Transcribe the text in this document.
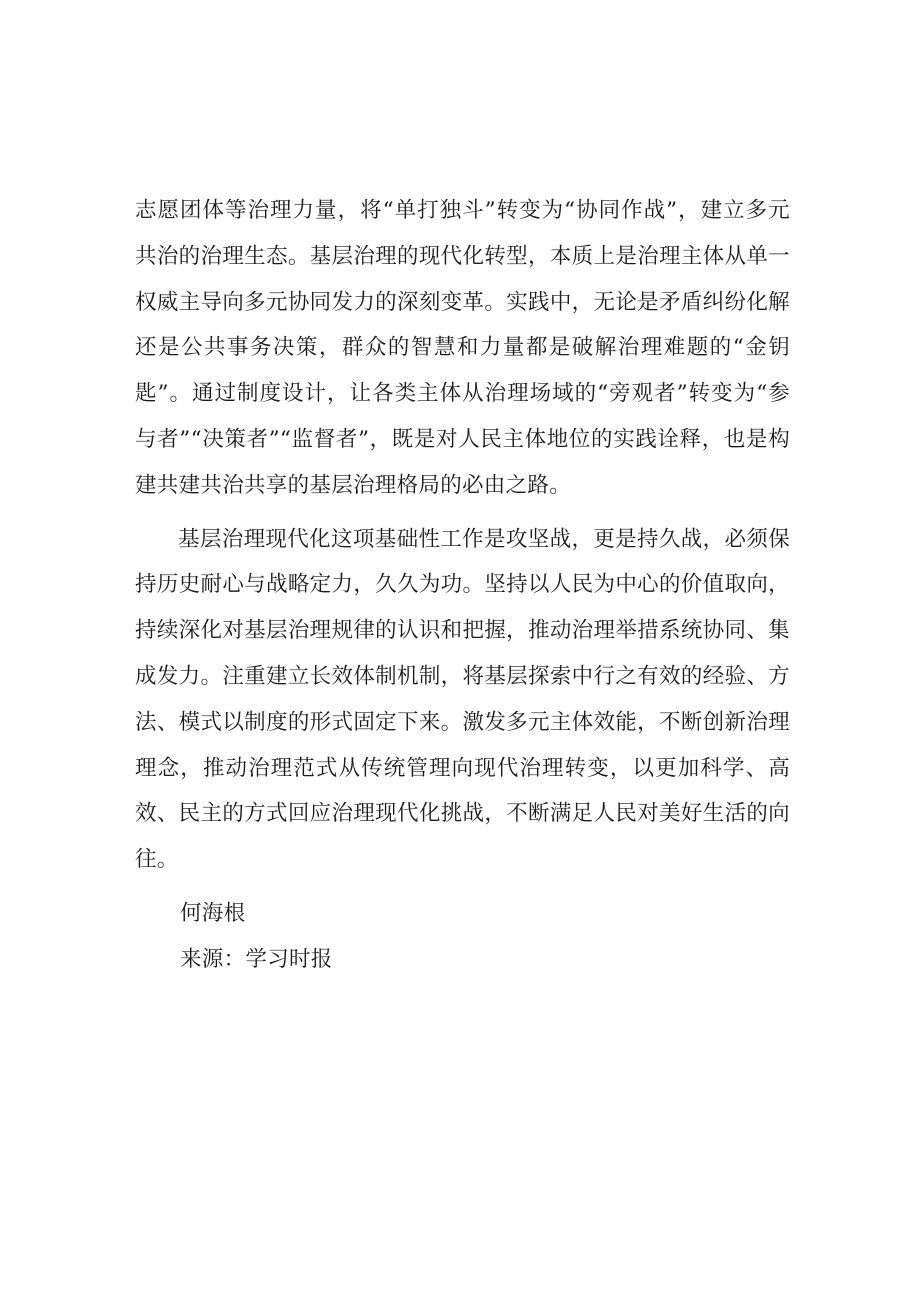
志愿团体等治理力量，将“单打独斗”转变为“协同作战”，建立多元共治的治理生态。基层治理的现代化转型，本质上是治理主体从单一权威主导向多元协同发力的深刻变革。实践中，无论是矛盾纠纷化解还是公共事务决策，群众的智慧和力量都是破解治理难题的“金钥匙”。通过制度设计，让各类主体从治理场域的“旁观者”转变为“参与者”“决策者”“监督者”，既是对人民主体地位的实践诠释，也是构建共建共治共享的基层治理格局的必由之路。

基层治理现代化这项基础性工作是攻坚战，更是持久战，必须保持历史耐心与战略定力，久久为功。坚持以人民为中心的价值取向，持续深化对基层治理规律的认识和把握，推动治理举措系统协同、集成发力。注重建立长效体制机制，将基层探索中行之有效的经验、方法、模式以制度的形式固定下来。激发多元主体效能，不断创新治理理念，推动治理范式从传统管理向现代治理转变，以更加科学、高效、民主的方式回应治理现代化挑战，不断满足人民对美好生活的向往。

何海根

来源：学习时报
